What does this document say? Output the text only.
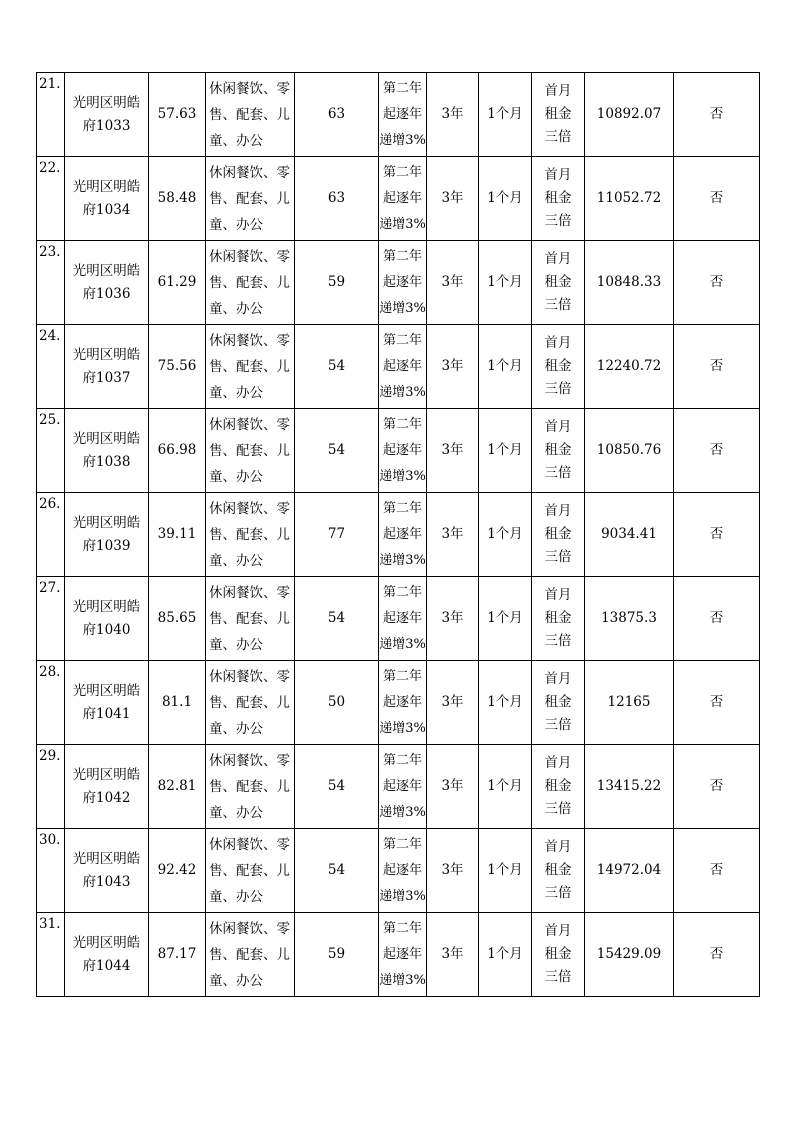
21.	光明区明皓府1033	57.63	休闲餐饮、零售、配套、儿童、办公	63	第二年起逐年递增3%	3年	1个月	首月租金三倍	10892.07	否

22.	光明区明皓府1034	58.48	休闲餐饮、零售、配套、儿童、办公	63	第二年起逐年递增3%	3年	1个月	首月租金三倍	11052.72	否

23.	光明区明皓府1036	61.29	休闲餐饮、零售、配套、儿童、办公	59	第二年起逐年递增3%	3年	1个月	首月租金三倍	10848.33	否

24.	光明区明皓府1037	75.56	休闲餐饮、零售、配套、儿童、办公	54	第二年起逐年递增3%	3年	1个月	首月租金三倍	12240.72	否

25.	光明区明皓府1038	66.98	休闲餐饮、零售、配套、儿童、办公	54	第二年起逐年递增3%	3年	1个月	首月租金三倍	10850.76	否

26.	光明区明皓府1039	39.11	休闲餐饮、零售、配套、儿童、办公	77	第二年起逐年递增3%	3年	1个月	首月租金三倍	9034.41	否

27.	光明区明皓府1040	85.65	休闲餐饮、零售、配套、儿童、办公	54	第二年起逐年递增3%	3年	1个月	首月租金三倍	13875.3	否

28.	光明区明皓府1041	81.1	休闲餐饮、零售、配套、儿童、办公	50	第二年起逐年递增3%	3年	1个月	首月租金三倍	12165	否

29.	光明区明皓府1042	82.81	休闲餐饮、零售、配套、儿童、办公	54	第二年起逐年递增3%	3年	1个月	首月租金三倍	13415.22	否

30.	光明区明皓府1043	92.42	休闲餐饮、零售、配套、儿童、办公	54	第二年起逐年递增3%	3年	1个月	首月租金三倍	14972.04	否

31.	光明区明皓府1044	87.17	休闲餐饮、零售、配套、儿童、办公	59	第二年起逐年递增3%	3年	1个月	首月租金三倍	15429.09	否
